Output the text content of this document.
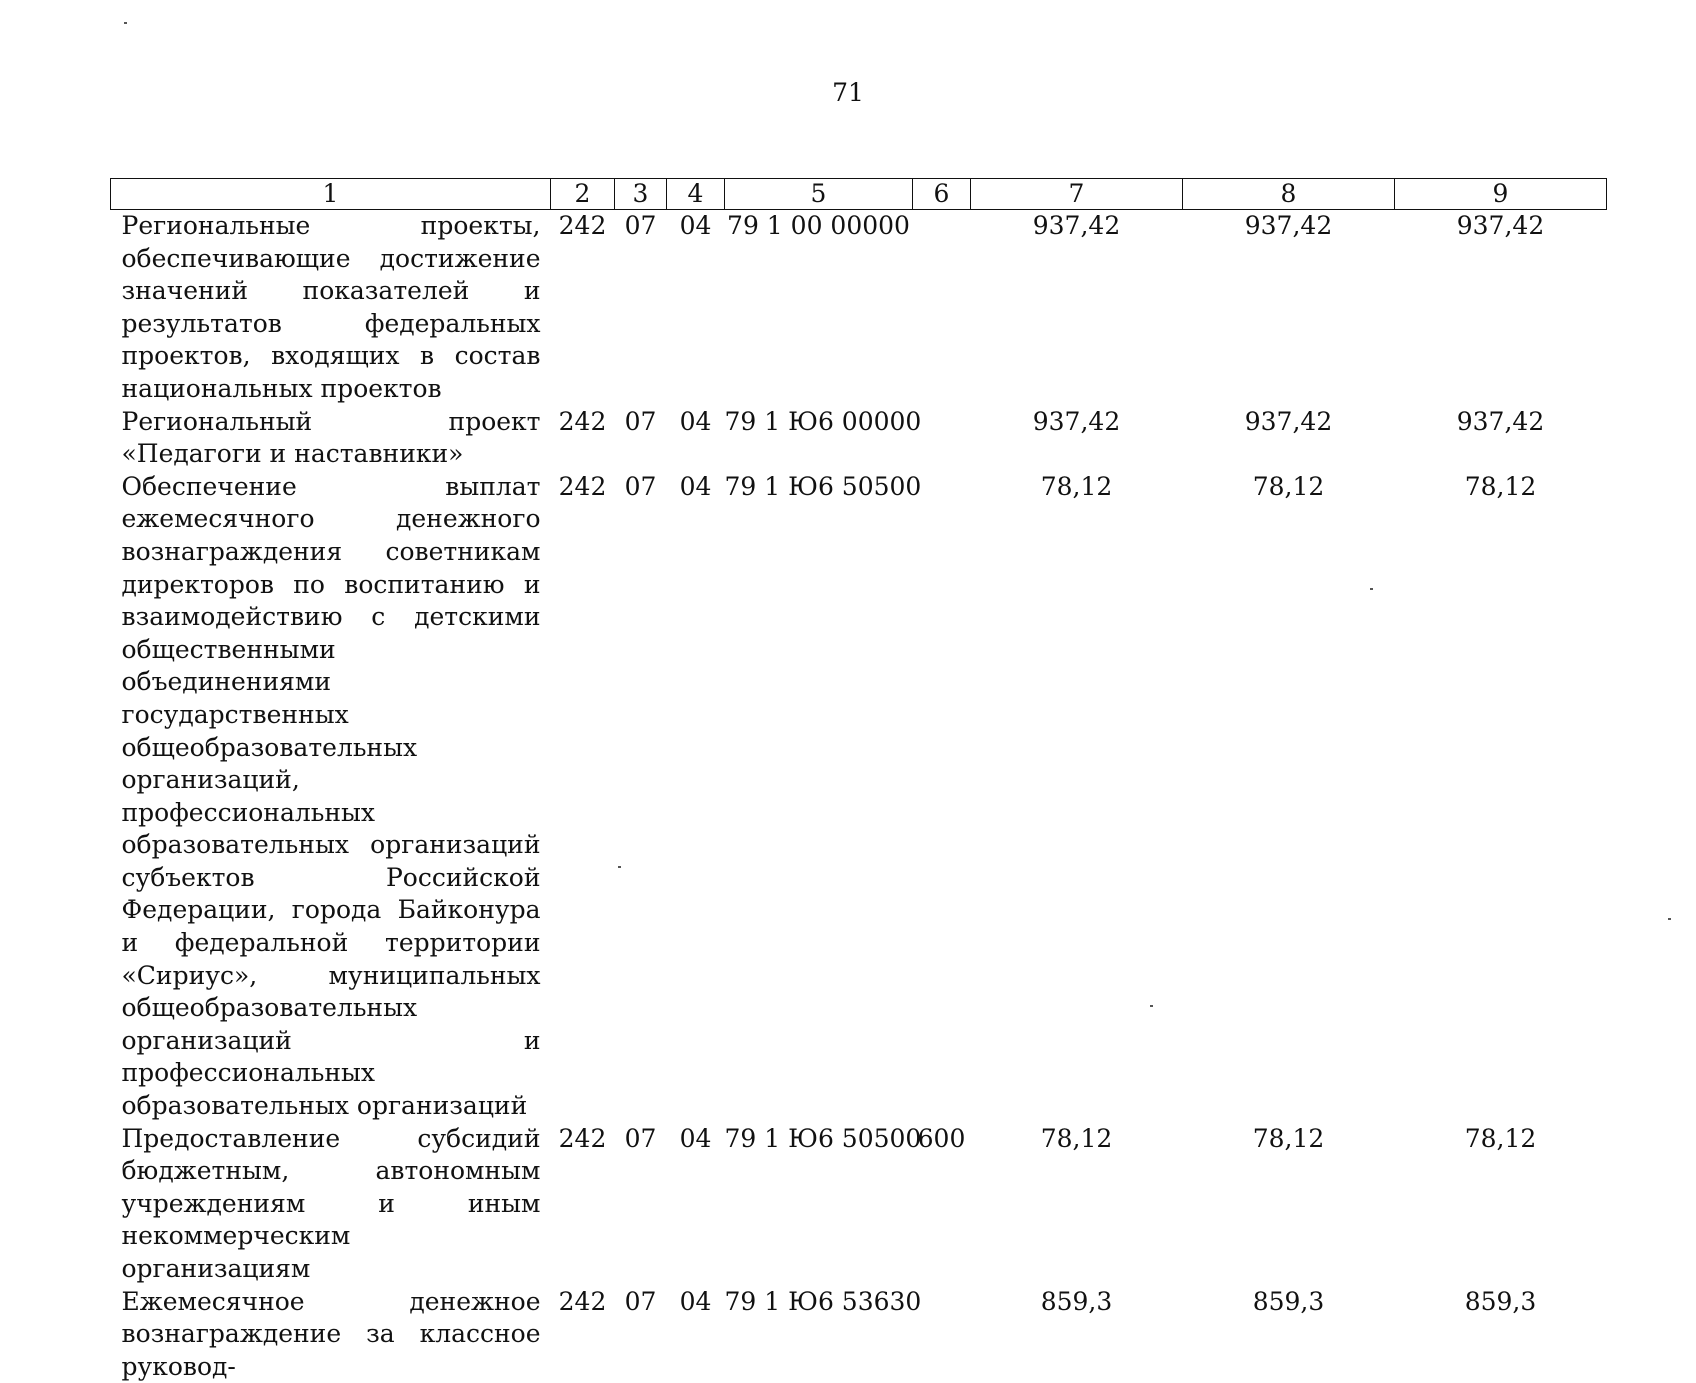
71
1	2	3	4	5	6	7	8	9
Региональные проекты, обеспечивающие достижение значений показателей и результатов федеральных проектов, входящих в состав национальных проектов	242	07	04	79 1 00 00000		937,42	937,42	937,42
Региональный проект «Педагоги и наставники»	242	07	04	79 1 Ю6 00000		937,42	937,42	937,42
Обеспечение выплат ежемесячного денежного вознаграждения советникам директоров по воспитанию и взаимодействию с детскими общественными объединениями государственных общеобразовательных организаций, профессиональных образовательных организаций субъектов Российской Федерации, города Байконура и федеральной территории «Сириус», муниципальных общеобразовательных организаций и профессиональных образовательных организаций	242	07	04	79 1 Ю6 50500		78,12	78,12	78,12
Предоставление субсидий бюджетным, автономным учреждениям и иным некоммерческим организациям	242	07	04	79 1 Ю6 50500	600	78,12	78,12	78,12
Ежемесячное денежное вознаграждение за классное руковод-	242	07	04	79 1 Ю6 53630		859,3	859,3	859,3
